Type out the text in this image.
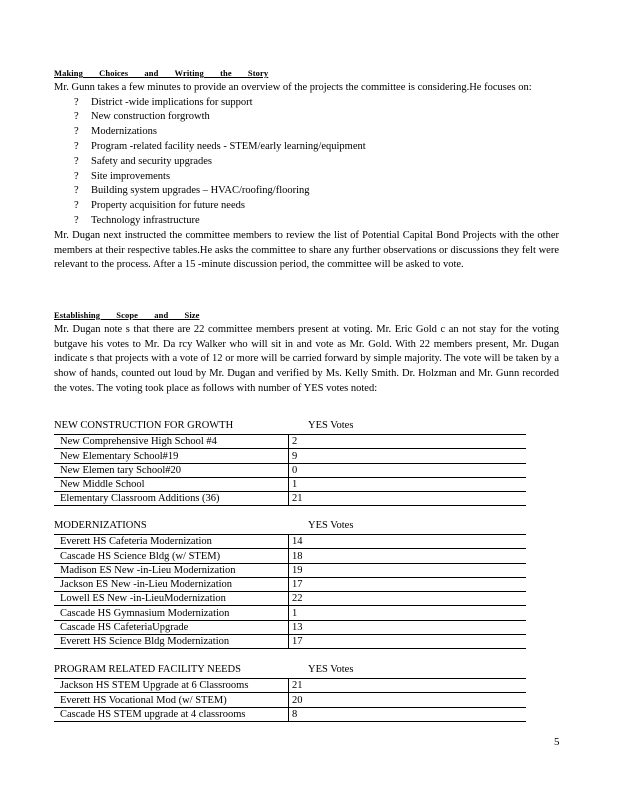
Making Choices and Writing the Story

Mr. Gunn takes a few minutes to provide an overview of the projects the committee is considering.He focuses on:

? District -wide implications for support
? New construction forgrowth
? Modernizations
? Program -related facility needs - STEM/early learning/equipment
? Safety and security upgrades
? Site improvements
? Building system upgrades – HVAC/roofing/flooring
? Property acquisition for future needs
? Technology infrastructure

Mr. Dugan next instructed the committee members to review the list of Potential Capital Bond Projects with the other members at their respective tables.He asks the committee to share any further observations or discussions they felt were relevant to the process. After a 15 -minute discussion period, the committee will be asked to vote.

Establishing Scope and Size

Mr. Dugan note s that there are 22 committee members present at voting. Mr. Eric Gold c an not stay for the voting butgave his votes to Mr. Da rcy Walker who will sit in and vote as Mr. Gold. With 22 members present, Mr. Dugan indicate s that projects with a vote of 12 or more will be carried forward by simple majority. The vote will be taken by a show of hands, counted out loud by Mr. Dugan and verified by Ms. Kelly Smith. Dr. Holzman and Mr. Gunn recorded the votes. The voting took place as follows with number of YES votes noted:

NEW CONSTRUCTION FOR GROWTH	YES Votes
New Comprehensive High School #4	2
New Elementary School#19	9
New Elemen tary School#20	0
New Middle School	1
Elementary Classroom Additions (36)	21
MODERNIZATIONS	YES Votes
Everett HS Cafeteria Modernization	14
Cascade HS Science Bldg (w/ STEM)	18
Madison ES New -in-Lieu Modernization	19
Jackson ES New -in-Lieu Modernization	17
Lowell ES New -in-LieuModernization	22
Cascade HS Gymnasium Modernization	1
Cascade HS CafeteriaUpgrade	13
Everett HS Science Bldg Modernization	17
PROGRAM RELATED FACILITY NEEDS	YES Votes
Jackson HS STEM Upgrade at 6 Classrooms	21
Everett HS Vocational Mod (w/ STEM)	20
Cascade HS STEM upgrade at 4 classrooms	8
5
